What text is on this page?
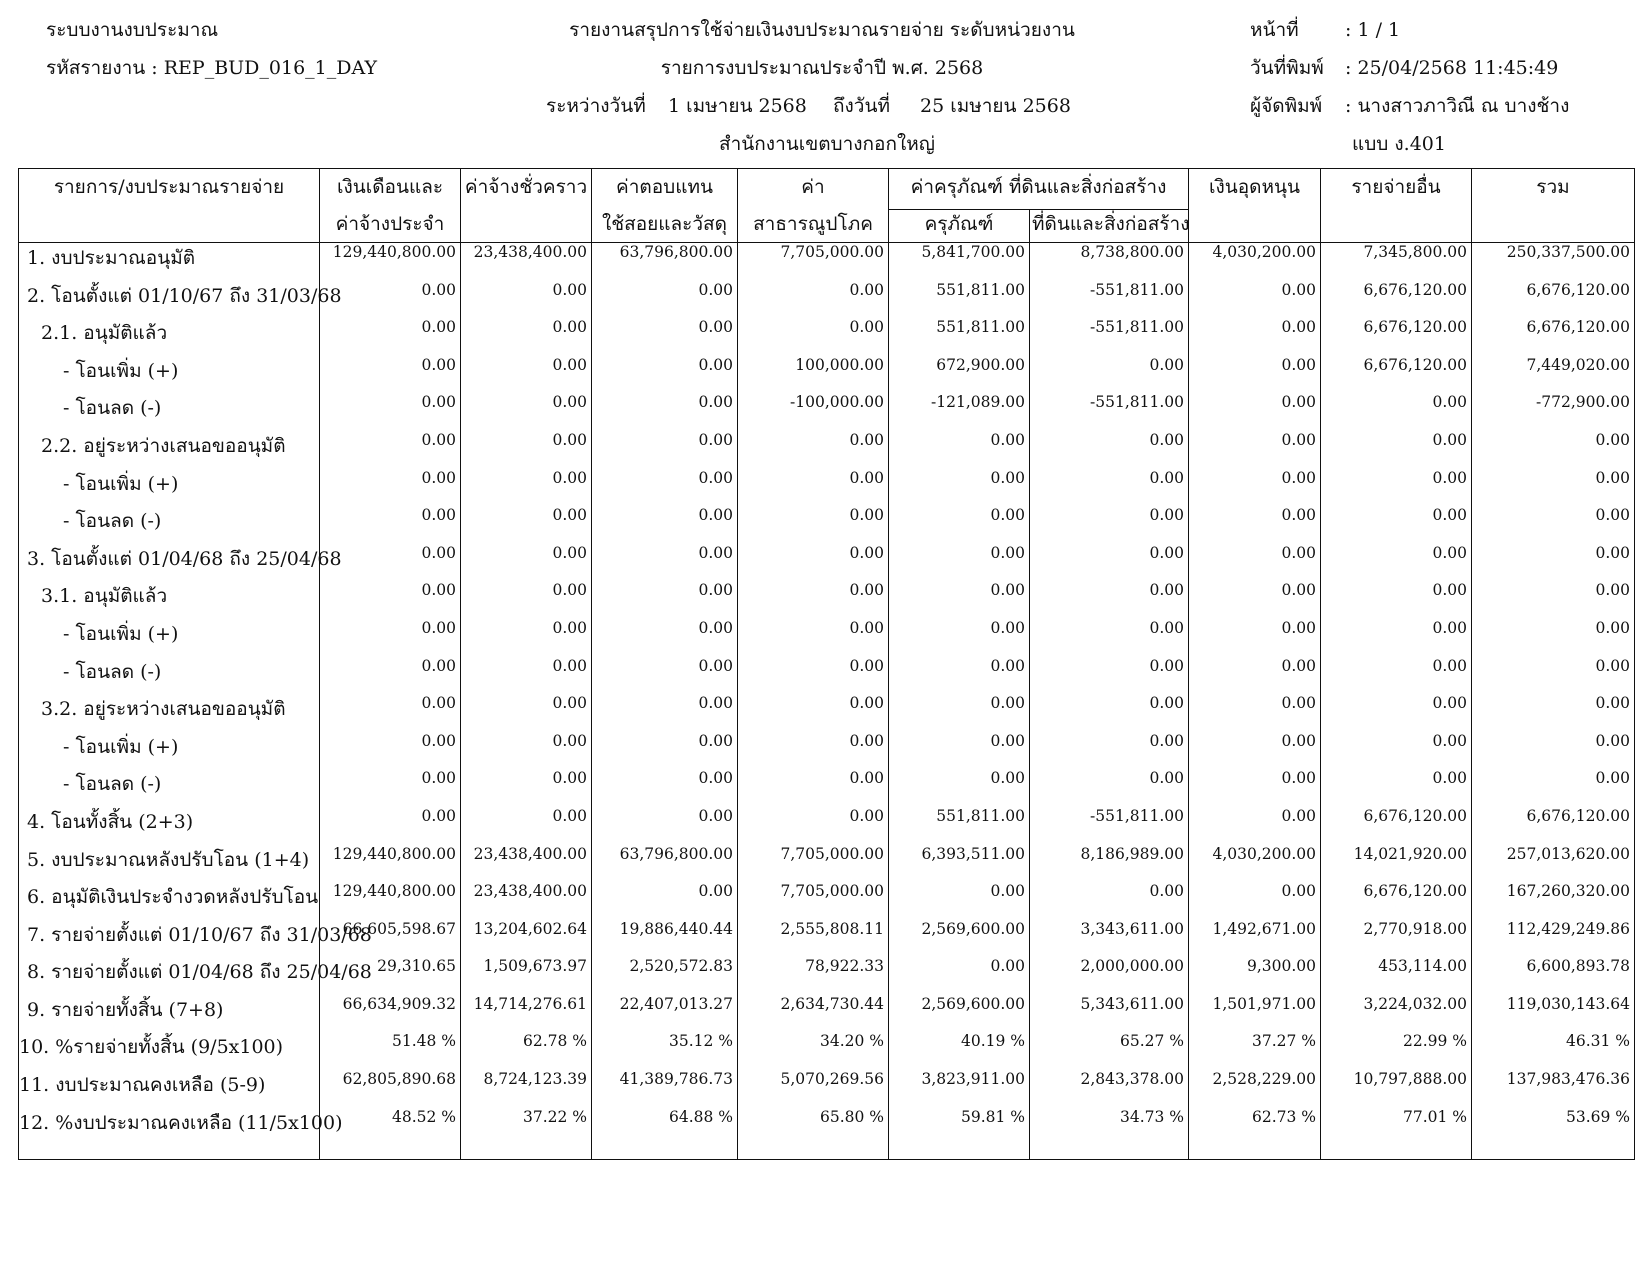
ระบบงานงบประมาณ
รหัสรายงาน : REP_BUD_016_1_DAY
รายงานสรุปการใช้จ่ายเงินงบประมาณรายจ่าย ระดับหน่วยงาน
รายการงบประมาณประจำปี พ.ศ. 2568
ระหว่างวันที่ 1 เมษายน 2568 ถึงวันที่ 25 เมษายน 2568
สำนักงานเขตบางกอกใหญ่
หน้าที่ : 1 / 1
วันที่พิมพ์ : 25/04/2568 11:45:49
ผู้จัดพิมพ์ : นางสาวภาวิณี ณ บางช้าง
แบบ ง.401
รายการ/งบประมาณรายจ่าย	เงินเดือนและ	ค่าจ้างชั่วคราว	ค่าตอบแทน	ค่า	ค่าครุภัณฑ์ ที่ดินและสิ่งก่อสร้าง		เงินอุดหนุน	รายจ่ายอื่น	รวม
	ค่าจ้างประจำ		ใช้สอยและวัสดุ	สาธารณูปโภค	ครุภัณฑ์	ที่ดินและสิ่งก่อสร้าง			
1. งบประมาณอนุมัติ	129,440,800.00	23,438,400.00	63,796,800.00	7,705,000.00	5,841,700.00	8,738,800.00	4,030,200.00	7,345,800.00	250,337,500.00
2. โอนตั้งแต่ 01/10/67 ถึง 31/03/68	0.00	0.00	0.00	0.00	551,811.00	-551,811.00	0.00	6,676,120.00	6,676,120.00
2.1. อนุมัติแล้ว	0.00	0.00	0.00	0.00	551,811.00	-551,811.00	0.00	6,676,120.00	6,676,120.00
- โอนเพิ่ม (+)	0.00	0.00	0.00	100,000.00	672,900.00	0.00	0.00	6,676,120.00	7,449,020.00
- โอนลด (-)	0.00	0.00	0.00	-100,000.00	-121,089.00	-551,811.00	0.00	0.00	-772,900.00
2.2. อยู่ระหว่างเสนอขออนุมัติ	0.00	0.00	0.00	0.00	0.00	0.00	0.00	0.00	0.00
- โอนเพิ่ม (+)	0.00	0.00	0.00	0.00	0.00	0.00	0.00	0.00	0.00
- โอนลด (-)	0.00	0.00	0.00	0.00	0.00	0.00	0.00	0.00	0.00
3. โอนตั้งแต่ 01/04/68 ถึง 25/04/68	0.00	0.00	0.00	0.00	0.00	0.00	0.00	0.00	0.00
3.1. อนุมัติแล้ว	0.00	0.00	0.00	0.00	0.00	0.00	0.00	0.00	0.00
- โอนเพิ่ม (+)	0.00	0.00	0.00	0.00	0.00	0.00	0.00	0.00	0.00
- โอนลด (-)	0.00	0.00	0.00	0.00	0.00	0.00	0.00	0.00	0.00
3.2. อยู่ระหว่างเสนอขออนุมัติ	0.00	0.00	0.00	0.00	0.00	0.00	0.00	0.00	0.00
- โอนเพิ่ม (+)	0.00	0.00	0.00	0.00	0.00	0.00	0.00	0.00	0.00
- โอนลด (-)	0.00	0.00	0.00	0.00	0.00	0.00	0.00	0.00	0.00
4. โอนทั้งสิ้น (2+3)	0.00	0.00	0.00	0.00	551,811.00	-551,811.00	0.00	6,676,120.00	6,676,120.00
5. งบประมาณหลังปรับโอน (1+4)	129,440,800.00	23,438,400.00	63,796,800.00	7,705,000.00	6,393,511.00	8,186,989.00	4,030,200.00	14,021,920.00	257,013,620.00
6. อนุมัติเงินประจำงวดหลังปรับโอน	129,440,800.00	23,438,400.00	0.00	7,705,000.00	0.00	0.00	0.00	6,676,120.00	167,260,320.00
7. รายจ่ายตั้งแต่ 01/10/67 ถึง 31/03/68	66,605,598.67	13,204,602.64	19,886,440.44	2,555,808.11	2,569,600.00	3,343,611.00	1,492,671.00	2,770,918.00	112,429,249.86
8. รายจ่ายตั้งแต่ 01/04/68 ถึง 25/04/68	29,310.65	1,509,673.97	2,520,572.83	78,922.33	0.00	2,000,000.00	9,300.00	453,114.00	6,600,893.78
9. รายจ่ายทั้งสิ้น (7+8)	66,634,909.32	14,714,276.61	22,407,013.27	2,634,730.44	2,569,600.00	5,343,611.00	1,501,971.00	3,224,032.00	119,030,143.64
10. %รายจ่ายทั้งสิ้น (9/5x100)	51.48 %	62.78 %	35.12 %	34.20 %	40.19 %	65.27 %	37.27 %	22.99 %	46.31 %
11. งบประมาณคงเหลือ (5-9)	62,805,890.68	8,724,123.39	41,389,786.73	5,070,269.56	3,823,911.00	2,843,378.00	2,528,229.00	10,797,888.00	137,983,476.36
12. %งบประมาณคงเหลือ (11/5x100)	48.52 %	37.22 %	64.88 %	65.80 %	59.81 %	34.73 %	62.73 %	77.01 %	53.69 %
